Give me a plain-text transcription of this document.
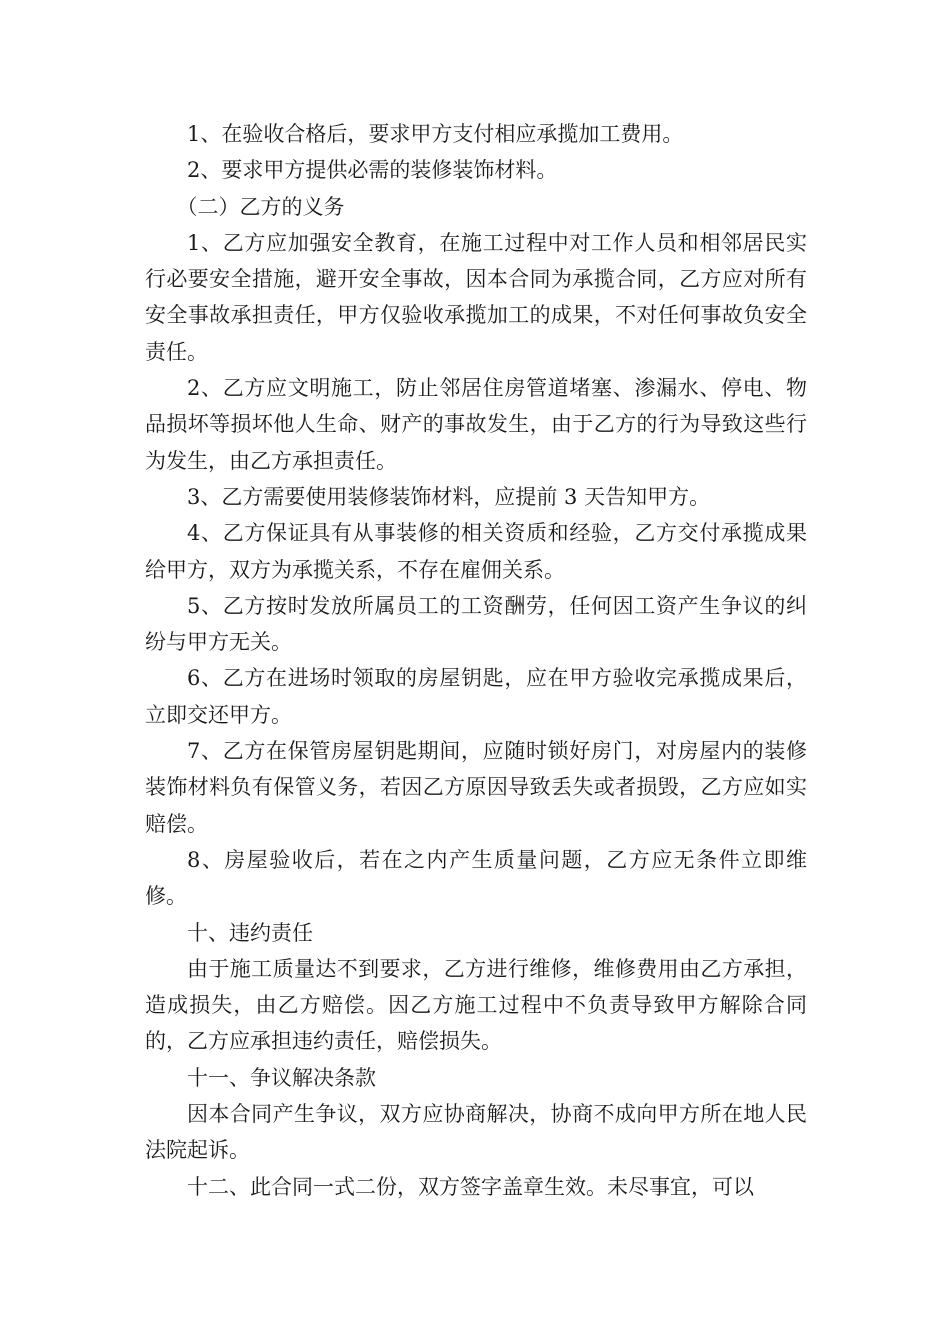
1、在验收合格后，要求甲方支付相应承揽加工费用。

2、要求甲方提供必需的装修装饰材料。

（二）乙方的义务

1、乙方应加强安全教育，在施工过程中对工作人员和相邻居民实行必要安全措施，避开安全事故，因本合同为承揽合同，乙方应对所有安全事故承担责任，甲方仅验收承揽加工的成果，不对任何事故负安全责任。

2、乙方应文明施工，防止邻居住房管道堵塞、渗漏水、停电、物品损坏等损坏他人生命、财产的事故发生，由于乙方的行为导致这些行为发生，由乙方承担责任。

3、乙方需要使用装修装饰材料，应提前 3 天告知甲方。

4、乙方保证具有从事装修的相关资质和经验，乙方交付承揽成果给甲方，双方为承揽关系，不存在雇佣关系。

5、乙方按时发放所属员工的工资酬劳，任何因工资产生争议的纠纷与甲方无关。

6、乙方在进场时领取的房屋钥匙，应在甲方验收完承揽成果后，立即交还甲方。

7、乙方在保管房屋钥匙期间，应随时锁好房门，对房屋内的装修装饰材料负有保管义务，若因乙方原因导致丢失或者损毁，乙方应如实赔偿。

8、房屋验收后，若在之内产生质量问题，乙方应无条件立即维修。

十、违约责任

由于施工质量达不到要求，乙方进行维修，维修费用由乙方承担，造成损失，由乙方赔偿。因乙方施工过程中不负责导致甲方解除合同的，乙方应承担违约责任，赔偿损失。

十一、争议解决条款

因本合同产生争议，双方应协商解决，协商不成向甲方所在地人民法院起诉。

十二、此合同一式二份，双方签字盖章生效。未尽事宜，可以
